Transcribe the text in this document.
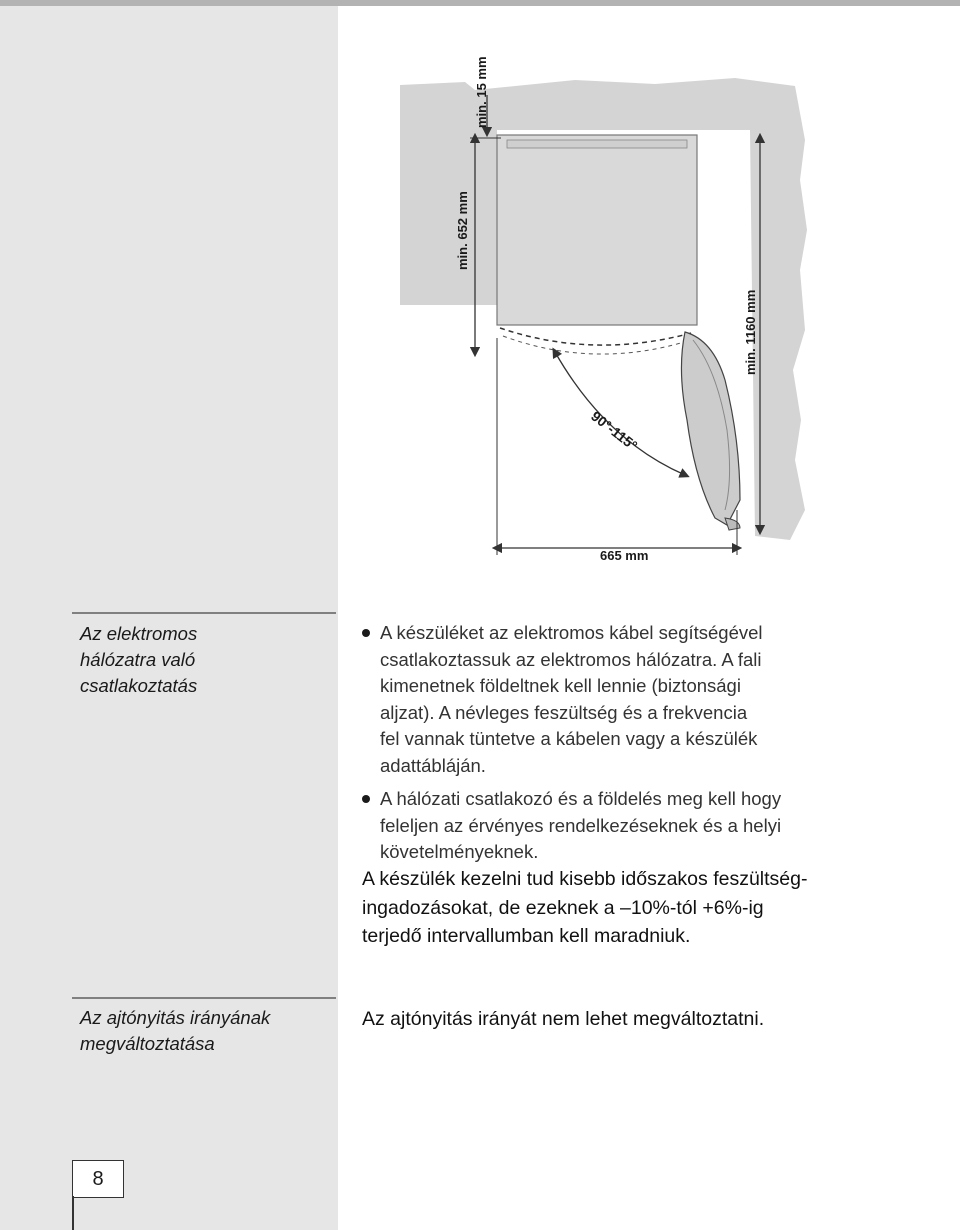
min. 15 mm
min. 652 mm
min. 1160 mm
665 mm
90°-115°
Az elektromos
hálózatra való
csatlakoztatás
A készüléket az elektromos kábel segítségével
csatlakoztassuk az elektromos hálózatra. A fali
kimenetnek földeltnek kell lennie (biztonsági
aljzat). A névleges feszültség és a frekvencia
fel vannak tüntetve a kábelen vagy a készülék
adattábláján.
A hálózati csatlakozó és a földelés meg kell hogy
feleljen az érvényes rendelkezéseknek és a helyi
követelményeknek.
A készülék kezelni tud kisebb időszakos feszültség-
ingadozásokat, de ezeknek a –10%-tól +6%-ig
terjedő intervallumban kell maradniuk.
Az ajtónyitás irányának
megváltoztatása
Az ajtónyitás irányát nem lehet megváltoztatni.
8
